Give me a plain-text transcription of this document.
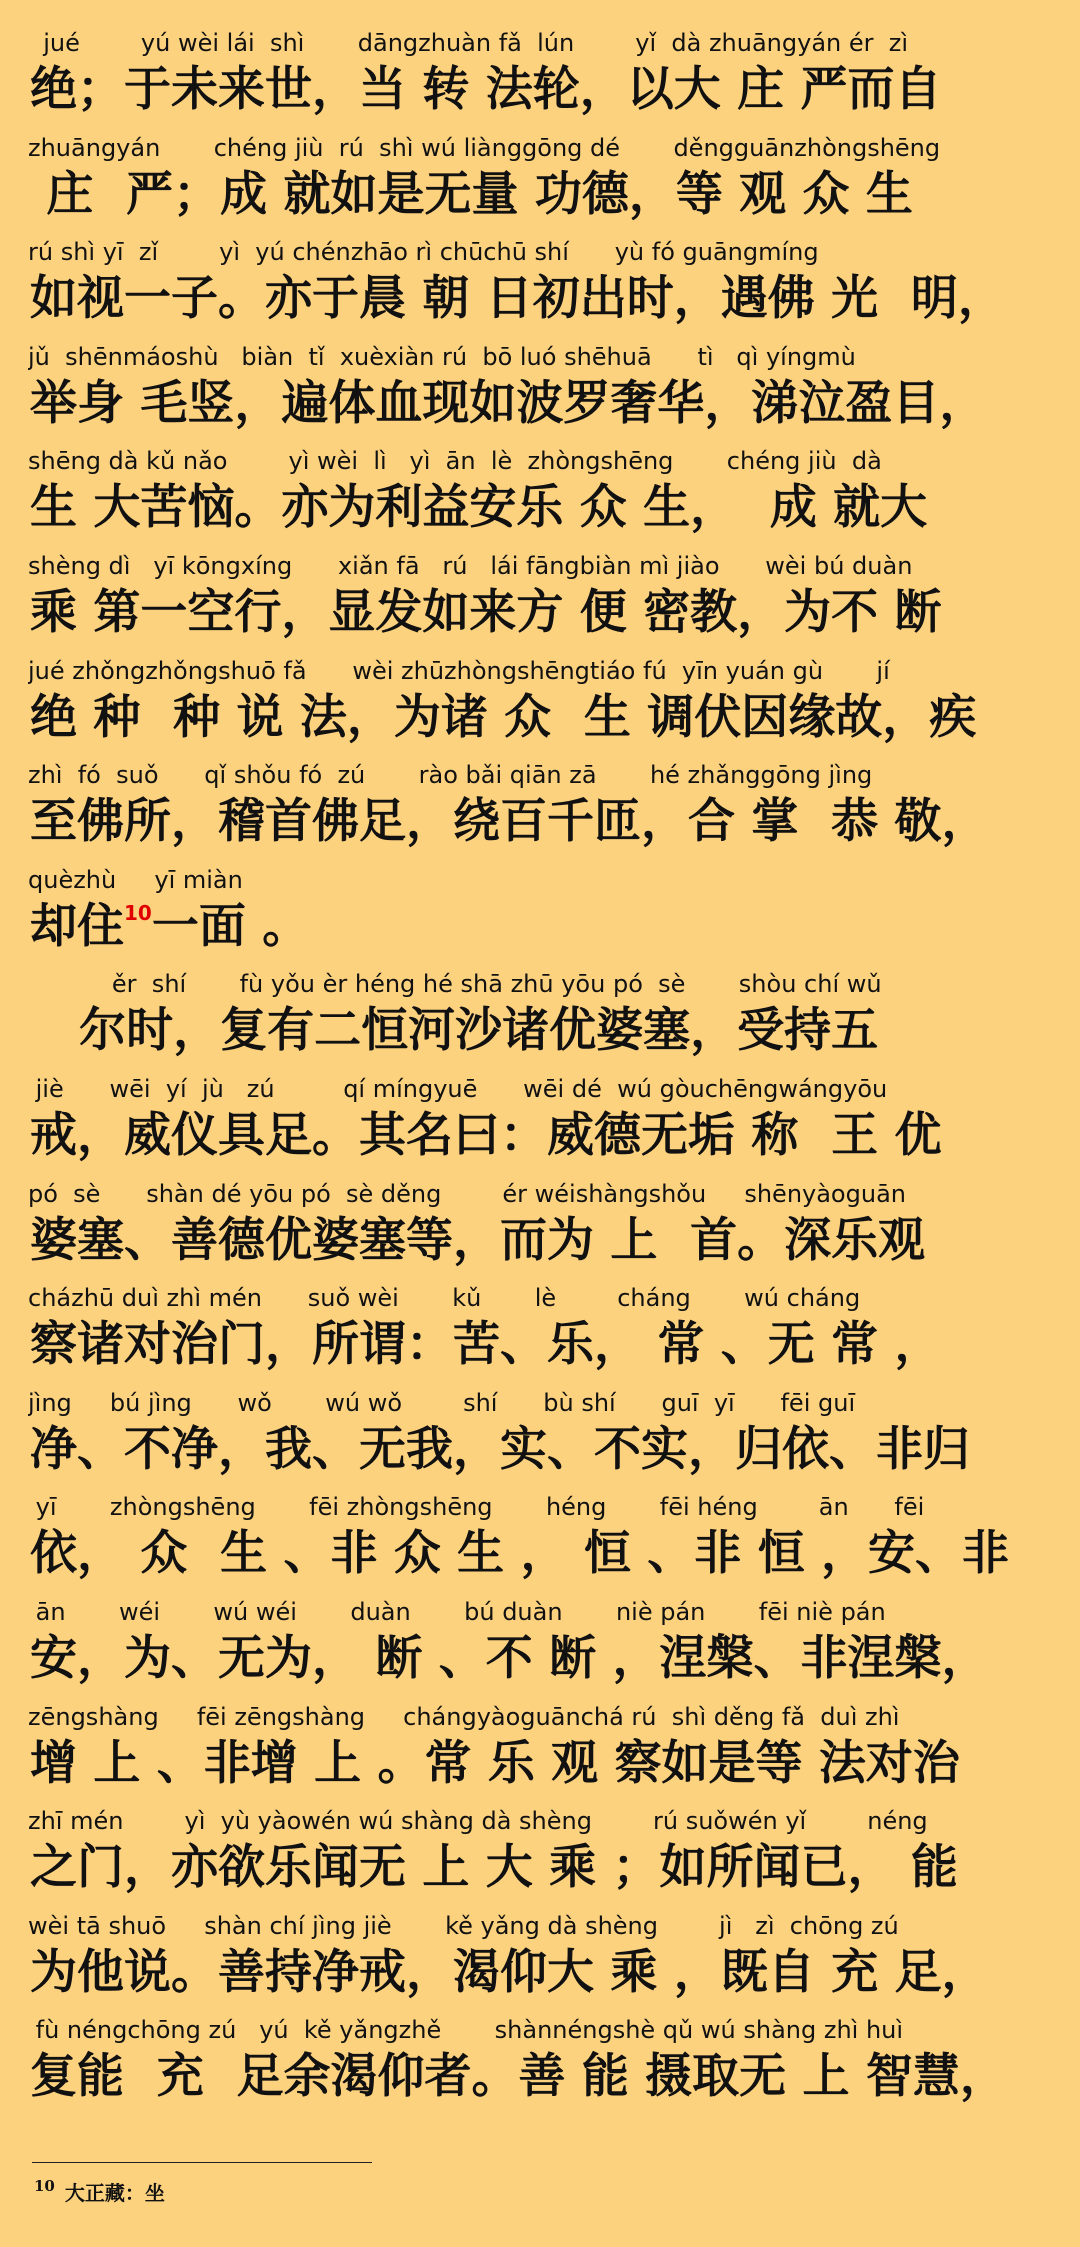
jué        yú wèi lái  shì       dāngzhuàn fǎ  lún        yǐ  dà zhuāngyán ér  zì
绝；于未来世，当 转 法轮，以大 庄 严而自
zhuāngyán       chéng jiù  rú  shì wú liànggōng dé       děngguānzhòngshēng
庄  严；成 就如是无量 功德，等 观 众 生
rú shì yī  zǐ        yì  yú chénzhāo rì chūchū shí      yù fó guāngmíng
如视一子。亦于晨 朝 日初出时，遇佛 光  明，
jǔ  shēnmáoshù   biàn  tǐ  xuèxiàn rú  bō luó shēhuā      tì   qì yíngmù
举身 毛竖，遍体血现如波罗奢华，涕泣盈目，
shēng dà kǔ nǎo        yì wèi  lì   yì  ān  lè  zhòngshēng       chéng jiù  dà
生 大苦恼。亦为利益安乐 众 生，  成 就大
shèng dì   yī kōngxíng      xiǎn fā   rú   lái fāngbiàn mì jiào      wèi bú duàn
乘 第一空行，显发如来方 便 密教，为不 断
jué zhǒngzhǒngshuō fǎ      wèi zhūzhòngshēngtiáo fú  yīn yuán gù       jí
绝 种  种 说 法，为诸 众  生 调伏因缘故，疾
zhì  fó  suǒ      qǐ shǒu fó  zú       rào bǎi qiān zā       hé zhǎnggōng jìng
至佛所，稽首佛足，绕百千匝，合 掌  恭 敬，
quèzhù     yī miàn
却住$^{10}$一面 。
ěr  shí       fù yǒu èr héng hé shā zhū yōu pó  sè       shòu chí wǔ
尔时，复有二恒河沙诸优婆塞，受持五
jiè      wēi  yí  jù   zú         qí míngyuē      wēi dé  wú gòuchēngwángyōu
戒，威仪具足。其名曰：威德无垢 称  王 优
pó  sè      shàn dé yōu pó  sè děng        ér wéishàngshǒu     shēnyàoguān
婆塞、善德优婆塞等，而为 上  首。深乐观
cházhū duì zhì mén      suǒ wèi       kǔ       lè        cháng       wú cháng
察诸对治门，所谓：苦、乐， 常 、无 常 ，
jìng     bú jìng      wǒ       wú wǒ        shí      bù shí      guī  yī      fēi guī
净、不净，我、无我，实、不实，归依、非归
yī       zhòngshēng       fēi zhòngshēng       héng       fēi héng        ān      fēi
依， 众  生 、非 众 生 ， 恒 、非 恒 ，安、非
ān       wéi       wú wéi       duàn       bú duàn       niè pán       fēi niè pán
安，为、无为， 断 、不 断 ，涅槃、非涅槃，
zēngshàng     fēi zēngshàng     chángyàoguānchá rú  shì děng fǎ  duì zhì
增 上 、非增 上 。常 乐 观 察如是等 法对治
zhī mén        yì  yù yàowén wú shàng dà shèng        rú suǒwén yǐ        néng
之门，亦欲乐闻无 上 大 乘 ；如所闻已， 能
wèi tā shuō     shàn chí jìng jiè       kě yǎng dà shèng        jì   zì  chōng zú
为他说。善持净戒，渴仰大 乘 ，既自 充 足，
fù néngchōng zú   yú  kě yǎngzhě       shànnéngshè qǔ wú shàng zhì huì
复能  充  足余渴仰者。善 能 摄取无 上 智慧，
$^{10}$ 大正藏：坐
